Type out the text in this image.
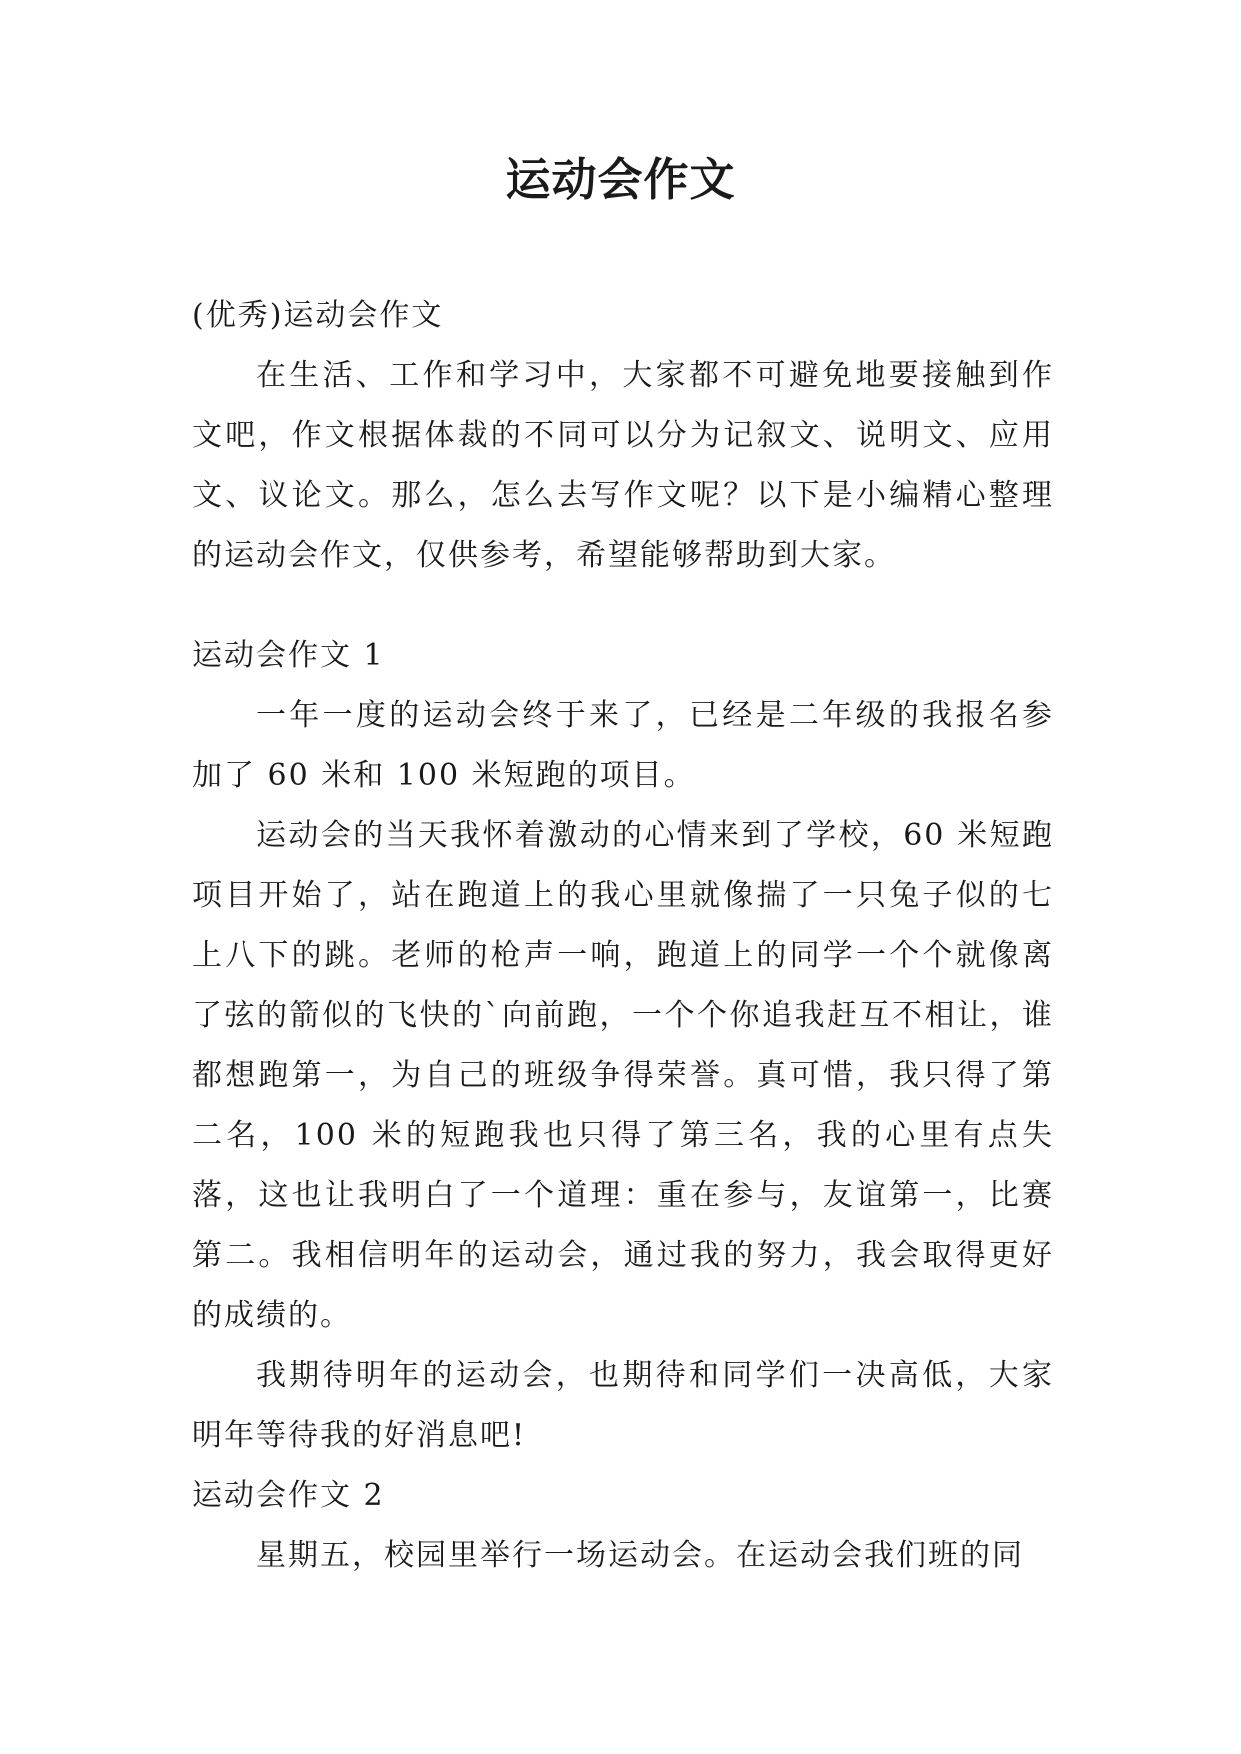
运动会作文

(优秀)运动会作文

在生活、工作和学习中，大家都不可避免地要接触到作文吧，作文根据体裁的不同可以分为记叙文、说明文、应用文、议论文。那么，怎么去写作文呢？以下是小编精心整理的运动会作文，仅供参考，希望能够帮助到大家。

运动会作文 1

一年一度的运动会终于来了，已经是二年级的我报名参加了 60 米和 100 米短跑的项目。

运动会的当天我怀着激动的心情来到了学校，60 米短跑项目开始了，站在跑道上的我心里就像揣了一只兔子似的七上八下的跳。老师的枪声一响，跑道上的同学一个个就像离了弦的箭似的飞快的`向前跑，一个个你追我赶互不相让，谁都想跑第一，为自己的班级争得荣誉。真可惜，我只得了第二名，100 米的短跑我也只得了第三名，我的心里有点失落，这也让我明白了一个道理：重在参与，友谊第一，比赛第二。我相信明年的运动会，通过我的努力，我会取得更好的成绩的。

我期待明年的运动会，也期待和同学们一决高低，大家明年等待我的好消息吧!

运动会作文 2

星期五，校园里举行一场运动会。在运动会我们班的同
